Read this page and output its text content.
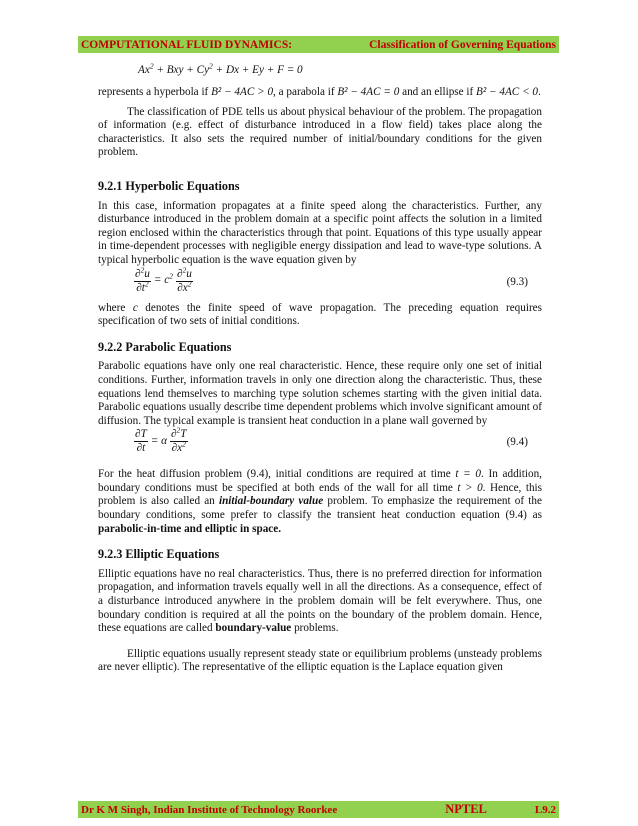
COMPUTATIONAL FLUID DYNAMICS:	Classification of Governing Equations
$Ax^2$ + Bxy + $Cy^2 + Dx + Ey + F = 0$

represents a hyperbola if B² − 4AC > 0, a parabola if B² − 4AC = 0 and an ellipse if B² − 4AC < 0.

The classification of PDE tells us about physical behaviour of the problem. The propagation of information (e.g. effect of disturbance introduced in a flow field) takes place along the characteristics. It also sets the required number of initial/boundary conditions for the given problem.

9.2.1 Hyperbolic Equations

In this case, information propagates at a finite speed along the characteristics. Further, any disturbance introduced in the problem domain at a specific point affects the solution in a limited region enclosed within the characteristics through that point. Equations of this type usually appear in time-dependent processes with negligible energy dissipation and lead to wave-type solutions. A typical hyperbolic equation is the wave equation given by

$\frac{\partial^2u}{\partial t^2} = c^2 \frac{\partial^2u}{\partial x^2}$	(9.3)

where c denotes the finite speed of wave propagation. The preceding equation requires specification of two sets of initial conditions.

9.2.2 Parabolic Equations

Parabolic equations have only one real characteristic. Hence, these require only one set of initial conditions. Further, information travels in only one direction along the characteristic. Thus, these equations lend themselves to marching type solution schemes starting with the given initial data. Parabolic equations usually describe time dependent problems which involve significant amount of diffusion. The typical example is transient heat conduction in a plane wall governed by

$\frac{\partial T}{\partial t} = \alpha \frac{\partial^2T}{\partial x^2}$	(9.4)

For the heat diffusion problem (9.4), initial conditions are required at time t = 0. In addition, boundary conditions must be specified at both ends of the wall for all time t > 0. Hence, this problem is also called an initial-boundary value problem. To emphasize the requirement of the boundary conditions, some prefer to classify the transient heat conduction equation (9.4) as parabolic-in-time and elliptic in space.

9.2.3 Elliptic Equations

Elliptic equations have no real characteristics. Thus, there is no preferred direction for information propagation, and information travels equally well in all the directions. As a consequence, effect of a disturbance introduced anywhere in the problem domain will be felt everywhere. Thus, one boundary condition is required at all the points on the boundary of the problem domain. Hence, these equations are called boundary-value problems.

Elliptic equations usually represent steady state or equilibrium problems (unsteady problems are never elliptic). The representative of the elliptic equation is the Laplace equation given

Dr K M Singh, Indian Institute of Technology Roorkee	NPTEL	L9.2
